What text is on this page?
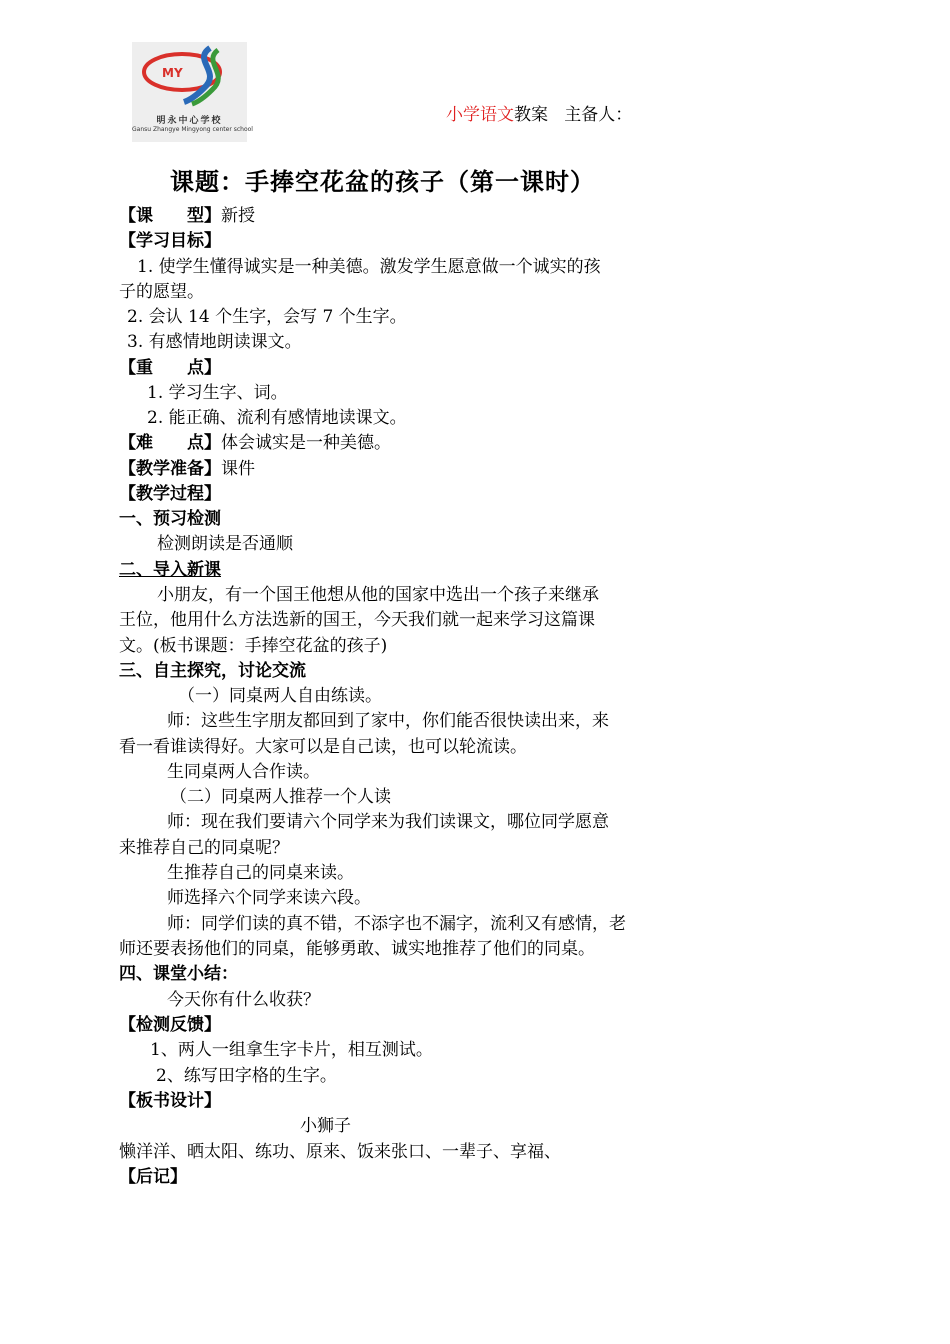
MY
明永中心学校
Gansu Zhangye Mingyong center school
小学语文教案 主备人：
课题：手捧空花盆的孩子（第一课时）
【课　　型】新授
【学习目标】
1. 使学生懂得诚实是一种美德。激发学生愿意做一个诚实的孩
子的愿望。
2. 会认 14 个生字，会写 7 个生字。
3. 有感情地朗读课文。
【重　　点】
1. 学习生字、词。
2. 能正确、流利有感情地读课文。
【难　　点】体会诚实是一种美德。
【教学准备】课件
【教学过程】
一、预习检测
检测朗读是否通顺
二、导入新课
小朋友，有一个国王他想从他的国家中选出一个孩子来继承
王位，他用什么方法选新的国王，今天我们就一起来学习这篇课
文。(板书课题：手捧空花盆的孩子)
三、自主探究，讨论交流
（一）同桌两人自由练读。
师：这些生字朋友都回到了家中，你们能否很快读出来，来
看一看谁读得好。大家可以是自己读，也可以轮流读。
生同桌两人合作读。
（二）同桌两人推荐一个人读
师：现在我们要请六个同学来为我们读课文，哪位同学愿意
来推荐自己的同桌呢？
生推荐自己的同桌来读。
师选择六个同学来读六段。
师：同学们读的真不错，不添字也不漏字，流利又有感情，老
师还要表扬他们的同桌，能够勇敢、诚实地推荐了他们的同桌。
四、课堂小结：
今天你有什么收获？
【检测反馈】
1、两人一组拿生字卡片，相互测试。
2、练写田字格的生字。
【板书设计】
小狮子
懒洋洋、晒太阳、练功、原来、饭来张口、一辈子、享福、
【后记】
